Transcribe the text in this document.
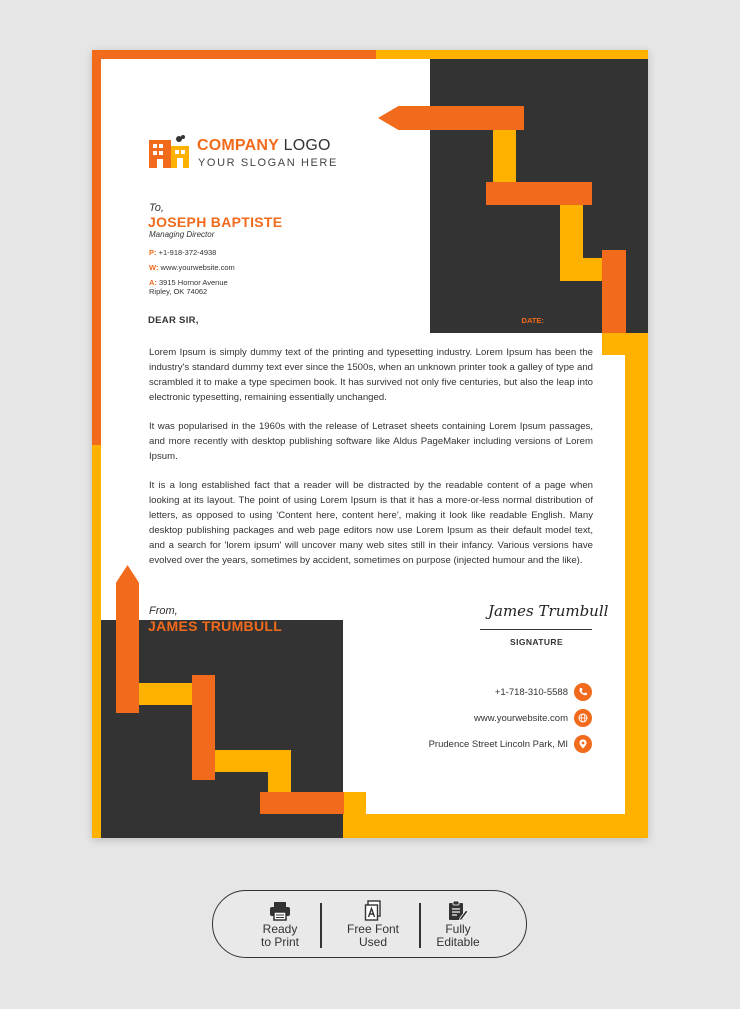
COMPANY LOGO
YOUR SLOGAN HERE
To,
JOSEPH BAPTISTE
Managing Director
P: +1-918-372-4938
W: www.yourwebsite.com
A: 3915 Hornor Avenue
Ripley, OK 74062
DEAR SIR,	DATE: 21 April, 2030
Lorem Ipsum is simply dummy text of the printing and typesetting industry. Lorem Ipsum has been the industry's standard dummy text ever since the 1500s, when an unknown printer took a galley of type and scrambled it to make a type specimen book. It has survived not only five centuries, but also the leap into electronic typesetting, remaining essentially unchanged.
It was popularised in the 1960s with the release of Letraset sheets containing Lorem Ipsum passages, and more recently with desktop publishing software like Aldus PageMaker including versions of Lorem Ipsum.
It is a long established fact that a reader will be distracted by the readable content of a page when looking at its layout. The point of using Lorem Ipsum is that it has a more-or-less normal distribution of letters, as opposed to using 'Content here, content here', making it look like readable English. Many desktop publishing packages and web page editors now use Lorem Ipsum as their default model text, and a search for 'lorem ipsum' will uncover many web sites still in their infancy. Various versions have evolved over the years, sometimes by accident, sometimes on purpose (injected humour and the like).
From,
JAMES TRUMBULL
Creative Designer
James Trumbull
SIGNATURE
+1-718-310-5588
www.yourwebsite.com
Prudence Street Lincoln Park, MI
Ready
to Print
Free Font
Used
Fully
Editable
